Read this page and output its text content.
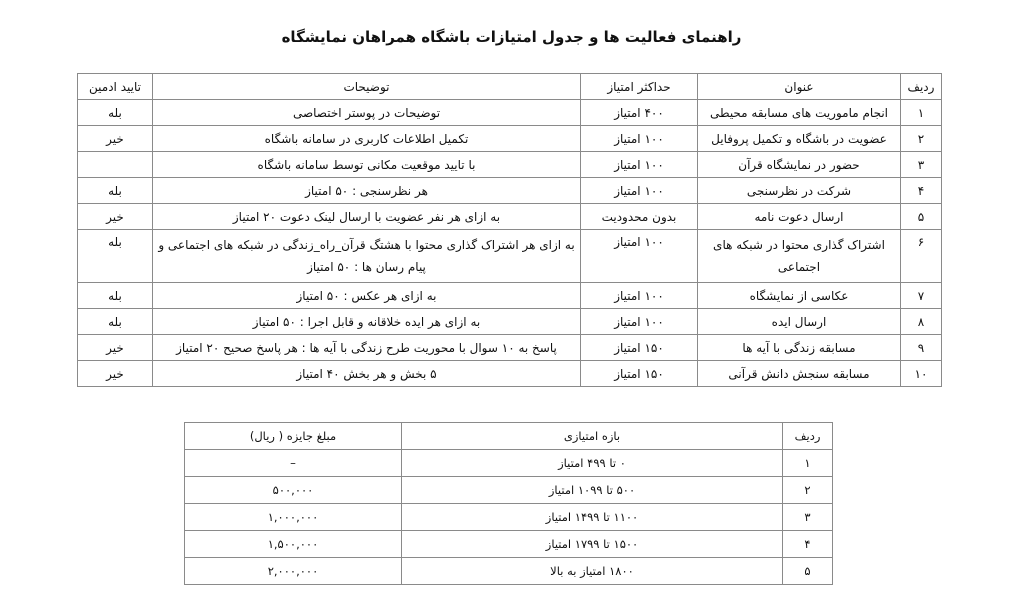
راهنمای فعالیت ها و جدول امتیازات باشگاه همراهان نمایشگاه
ردیف	عنوان	حداکثر امتیاز	توضیحات	تایید ادمین
۱	انجام ماموریت های مسابقه محیطی	۴۰۰ امتیاز	توضیحات در پوستر اختصاصی	بله
۲	عضویت در باشگاه و تکمیل پروفایل	۱۰۰ امتیاز	تکمیل اطلاعات کاربری در سامانه باشگاه	خیر
۳	حضور در نمایشگاه قرآن	۱۰۰ امتیاز	با تایید موقعیت مکانی توسط سامانه باشگاه	
۴	شرکت در نظرسنجی	۱۰۰ امتیاز	هر نظرسنجی : ۵۰ امتیاز	بله
۵	ارسال دعوت نامه	بدون محدودیت	به ازای هر نفر عضویت با ارسال لینک دعوت ۲۰ امتیاز	خیر
۶	اشتراک گذاری محتوا در شبکه های اجتماعی	۱۰۰ امتیاز	به ازای هر اشتراک گذاری محتوا با هشتگ قرآن_راه_زندگی در شبکه های اجتماعی و پیام رسان ها : ۵۰ امتیاز	بله
۷	عکاسی از نمایشگاه	۱۰۰ امتیاز	به ازای هر عکس : ۵۰ امتیاز	بله
۸	ارسال ایده	۱۰۰ امتیاز	به ازای هر ایده خلاقانه و قابل اجرا : ۵۰ امتیاز	بله
۹	مسابقه زندگی با آیه ها	۱۵۰ امتیاز	پاسخ به ۱۰ سوال با محوریت طرح زندگی با آیه ها : هر پاسخ صحیح ۲۰ امتیاز	خیر
۱۰	مسابقه سنجش دانش قرآنی	۱۵۰ امتیاز	۵ بخش و هر بخش ۴۰ امتیاز	خیر
ردیف	بازه امتیازی	مبلغ جایزه ( ریال)
۱	۰ تا ۴۹۹ امتیاز	–
۲	۵۰۰ تا ۱۰۹۹ امتیاز	۵۰۰,۰۰۰
۳	۱۱۰۰ تا ۱۴۹۹ امتیاز	۱,۰۰۰,۰۰۰
۴	۱۵۰۰ تا ۱۷۹۹ امتیاز	۱,۵۰۰,۰۰۰
۵	۱۸۰۰ امتیاز به بالا	۲,۰۰۰,۰۰۰
